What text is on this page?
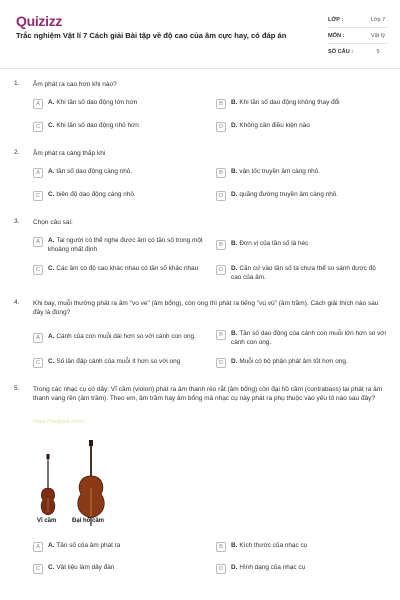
Quizizz
Trắc nghiệm Vật lí 7 Cách giải Bài tập về độ cao của âm cực hay, có đáp án
LỚP :	Lớp 7
MÔN :	Vật lý
SỐ CÂU :	5
1. Âm phát ra cao hơn khi nào?
A	A. Khi tần số dao động lớn hơn	B	B. Khi tần số dao động không thay đổi
C	C. Khi tần số dao động nhỏ hơn	D	D. Không cần điều kiện nào
2. Âm phát ra càng thấp khi
A	A. tần số dao động càng nhỏ.	B	B. vận tốc truyền âm càng nhỏ.
C	C. biên độ dao động càng nhỏ.	D	D. quãng đường truyền âm càng nhỏ.
3. Chọn câu sai:
A	A. Tai người có thể nghe được âm có tần số trong một khoảng nhất định
B	B. Đơn vị của tần số là héc
C	C. Các âm có độ cao khác nhau có tần số khác nhau	D	D. Căn cứ vào tần số ta chưa thể so sánh được độ cao của âm.
4. Khi bay, muỗi thường phát ra âm "vo ve" (âm bổng), còn ong thì phát ra tiếng "vù vù" (âm trầm). Cách giải thích nào sau đây là đúng?
A	A. Cánh của con muỗi dài hơn so với cánh con ong.	B	B. Tần số dao động của cánh con muỗi lớn hơn so với cánh con ong.
C	C. Số lần đập cánh của muỗi ít hơn so với ong	D	D. Muỗi có bộ phận phát âm tốt hơn ong.
5. Trong các nhạc cụ có dây: Vĩ cầm (violon) phát ra âm thanh réo rắt (âm bổng) còn đại hồ cầm (contrabass) lại phát ra âm thanh vang rền (âm trầm). Theo em, âm trầm hay âm bổng mà nhạc cụ này phát ra phụ thuộc vào yếu tố nào sau đây?
https://vietjack.com/...
Vĩ cầm	Đại hồ cầm
A	A. Tần số của âm phát ra	B	B. Kích thước của nhạc cụ
C	C. Vật liệu làm dây đàn	D	D. Hình dạng của nhạc cụ
